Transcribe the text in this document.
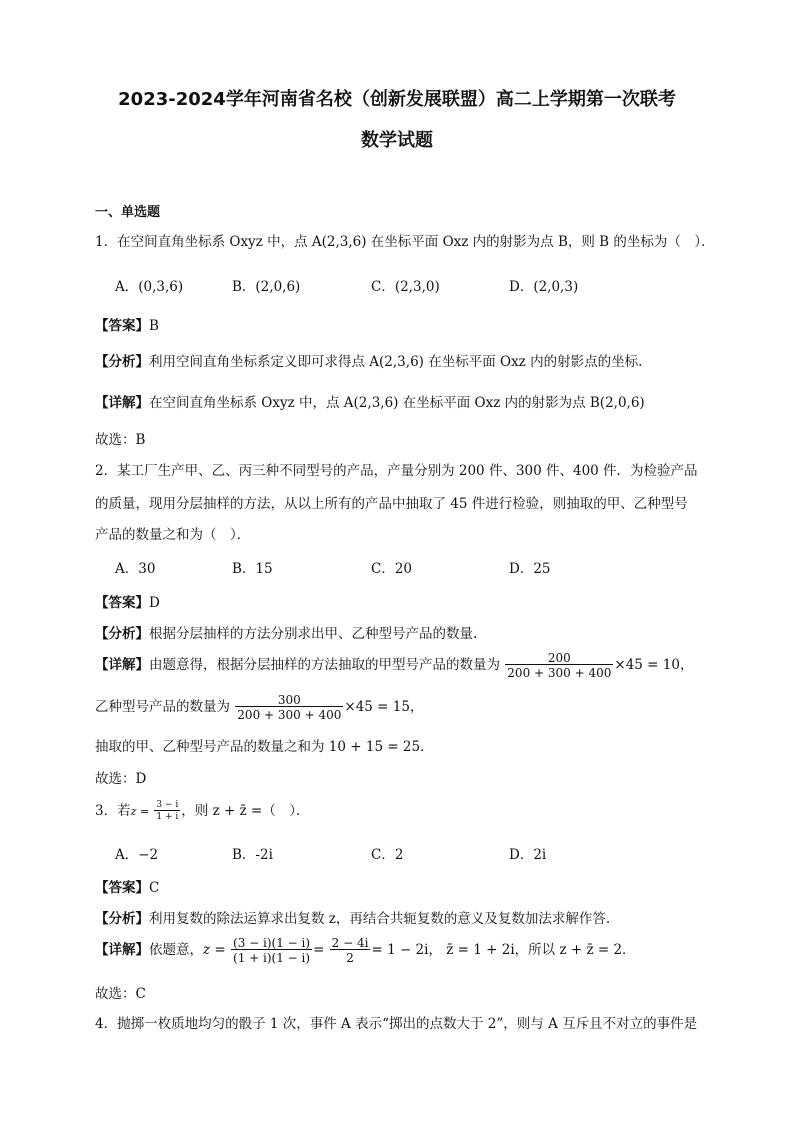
2023-2024学年河南省名校（创新发展联盟）高二上学期第一次联考
数学试题
一、单选题
1．在空间直角坐标系 Oxyz 中，点 A(2,3,6) 在坐标平面 Oxz 内的射影为点 B，则 B 的坐标为（　）．
A．(0,3,6)	B．(2,0,6)	C．(2,3,0)	D．(2,0,3)
【答案】B
【分析】利用空间直角坐标系定义即可求得点 A(2,3,6) 在坐标平面 Oxz 内的射影点的坐标.
【详解】在空间直角坐标系 Oxyz 中，点 A(2,3,6) 在坐标平面 Oxz 内的射影为点 B(2,0,6)
故选：B
2．某工厂生产甲、乙、丙三种不同型号的产品，产量分别为 200 件、300 件、400 件．为检验产品
的质量，现用分层抽样的方法，从以上所有的产品中抽取了 45 件进行检验，则抽取的甲、乙种型号
产品的数量之和为（　）．
A．30	B．15	C．20	D．25
【答案】D
【分析】根据分层抽样的方法分别求出甲、乙种型号产品的数量.
【详解】由题意得，根据分层抽样的方法抽取的甲型号产品的数量为 $\frac{200}{200 + 300 + 400} \times 45 = 10$，
乙种型号产品的数量为 $\frac{300}{200 + 300 + 400} \times 45 = 15$，
抽取的甲、乙种型号产品的数量之和为 10 + 15 = 25．
故选：D
3．若$z = \frac{3 - i}{1 + i}$ ，则 z + z̄ =（　）．
A．−2	B．-2i	C．2	D．2i
【答案】C
【分析】利用复数的除法运算求出复数 z，再结合共轭复数的意义及复数加法求解作答.
【详解】依题意，$z = \frac{(3 - i)(1 - i)}{(1 + i)(1 - i)} = \frac{2 - 4i}{2} = 1 - 2i$， z̄ = 1 + 2i，所以 z + z̄ = 2．
故选：C
4．抛掷一枚质地均匀的骰子 1 次，事件 A 表示“掷出的点数大于 2”，则与 A 互斥且不对立的事件是
